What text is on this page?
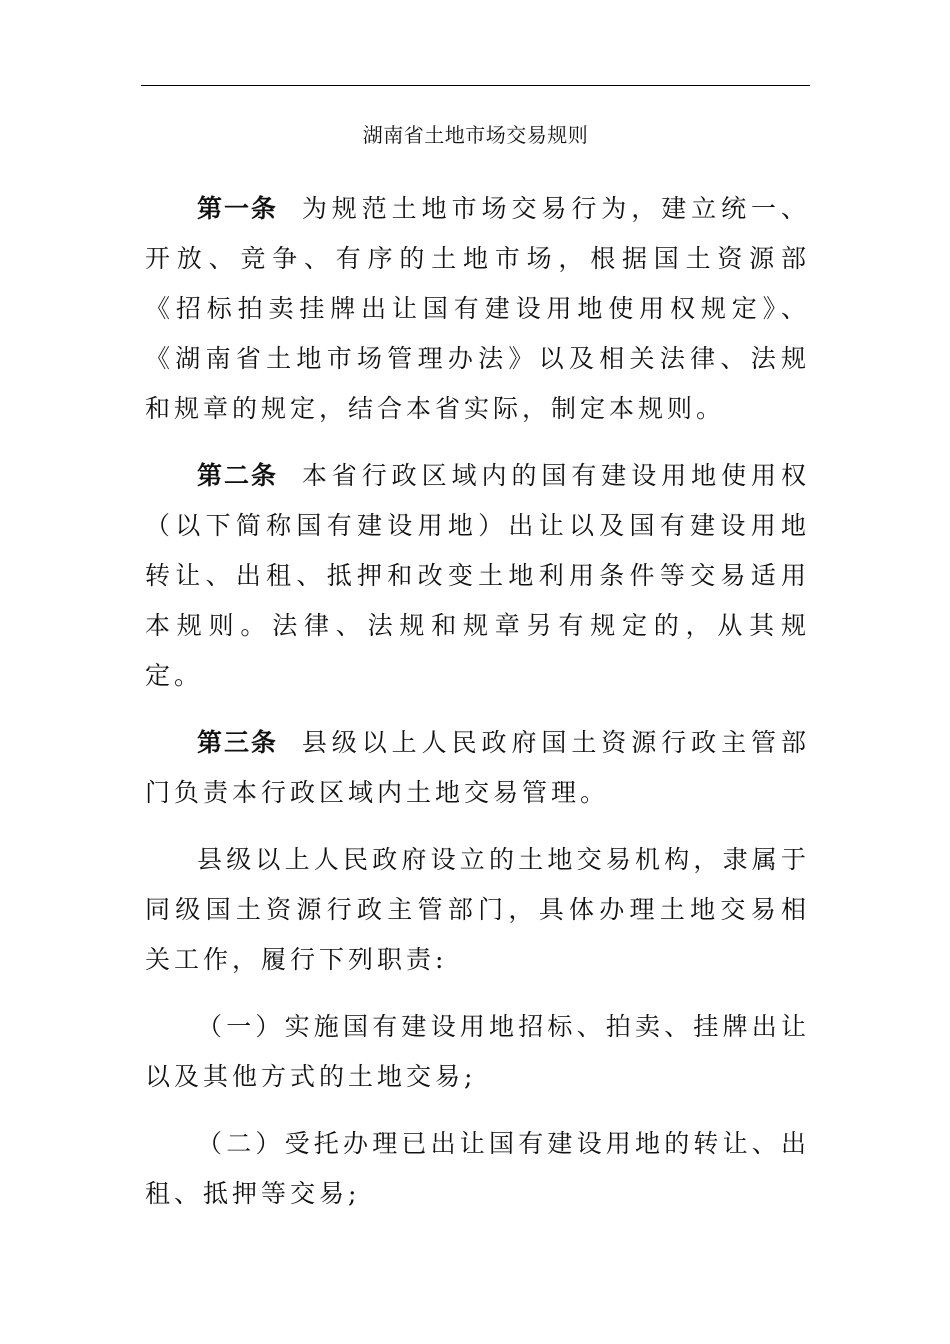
湖南省土地市场交易规则

第一条 为规范土地市场交易行为，建立统一、开放、竞争、有序的土地市场，根据国土资源部《招标拍卖挂牌出让国有建设用地使用权规定》、《湖南省土地市场管理办法》以及相关法律、法规和规章的规定，结合本省实际，制定本规则。

第二条 本省行政区域内的国有建设用地使用权（以下简称国有建设用地）出让以及国有建设用地转让、出租、抵押和改变土地利用条件等交易适用本规则。法律、法规和规章另有规定的，从其规定。

第三条 县级以上人民政府国土资源行政主管部门负责本行政区域内土地交易管理。

县级以上人民政府设立的土地交易机构，隶属于同级国土资源行政主管部门，具体办理土地交易相关工作，履行下列职责:

（一）实施国有建设用地招标、拍卖、挂牌出让以及其他方式的土地交易;

（二）受托办理已出让国有建设用地的转让、出租、抵押等交易;
